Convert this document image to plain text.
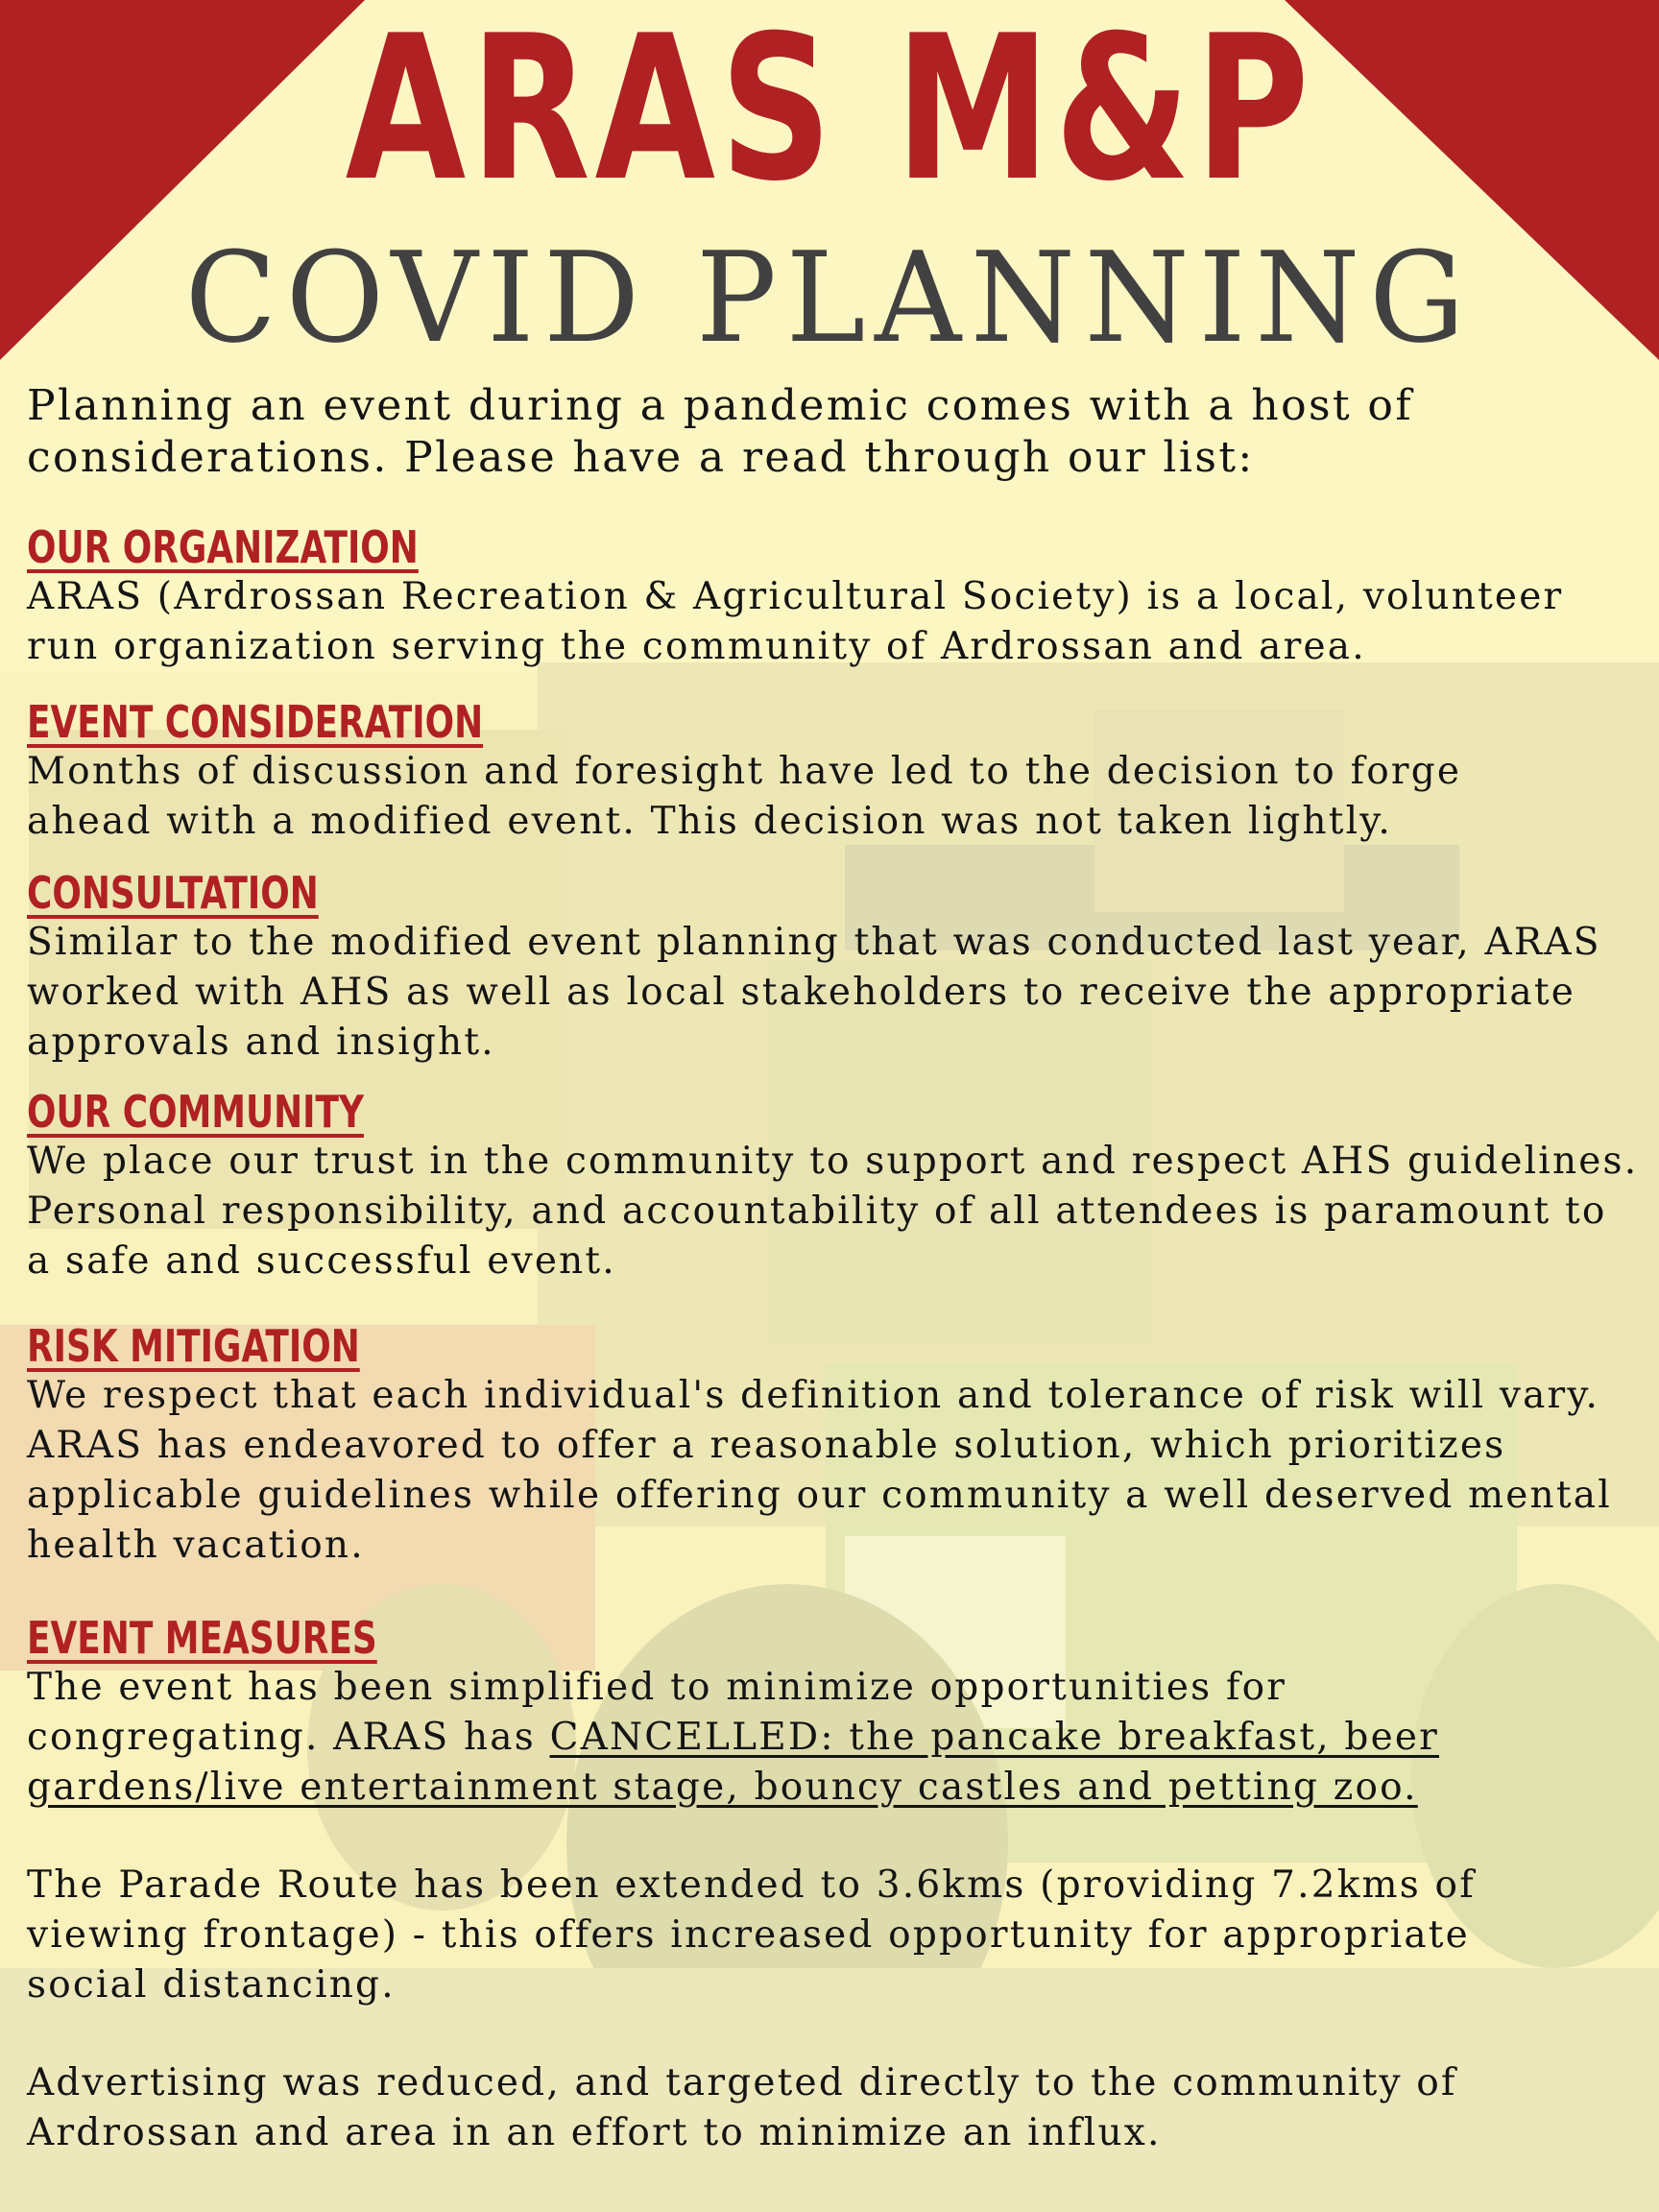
ARAS M&P
COVID PLANNING

Planning an event during a pandemic comes with a host of considerations. Please have a read through our list:

OUR ORGANIZATION

ARAS (Ardrossan Recreation & Agricultural Society) is a local, volunteer run organization serving the community of Ardrossan and area.

EVENT CONSIDERATION

Months of discussion and foresight have led to the decision to forge ahead with a modified event. This decision was not taken lightly.

CONSULTATION

Similar to the modified event planning that was conducted last year, ARAS worked with AHS as well as local stakeholders to receive the appropriate approvals and insight.

OUR COMMUNITY

We place our trust in the community to support and respect AHS guidelines. Personal responsibility, and accountability of all attendees is paramount to a safe and successful event.

RISK MITIGATION

We respect that each individual's definition and tolerance of risk will vary. ARAS has endeavored to offer a reasonable solution, which prioritizes applicable guidelines while offering our community a well deserved mental health vacation.

EVENT MEASURES

The event has been simplified to minimize opportunities for congregating. ARAS has CANCELLED: the pancake breakfast, beer gardens/live entertainment stage, bouncy castles and petting zoo.

The Parade Route has been extended to 3.6kms (providing 7.2kms of viewing frontage) - this offers increased opportunity for appropriate social distancing.

Advertising was reduced, and targeted directly to the community of Ardrossan and area in an effort to minimize an influx.
